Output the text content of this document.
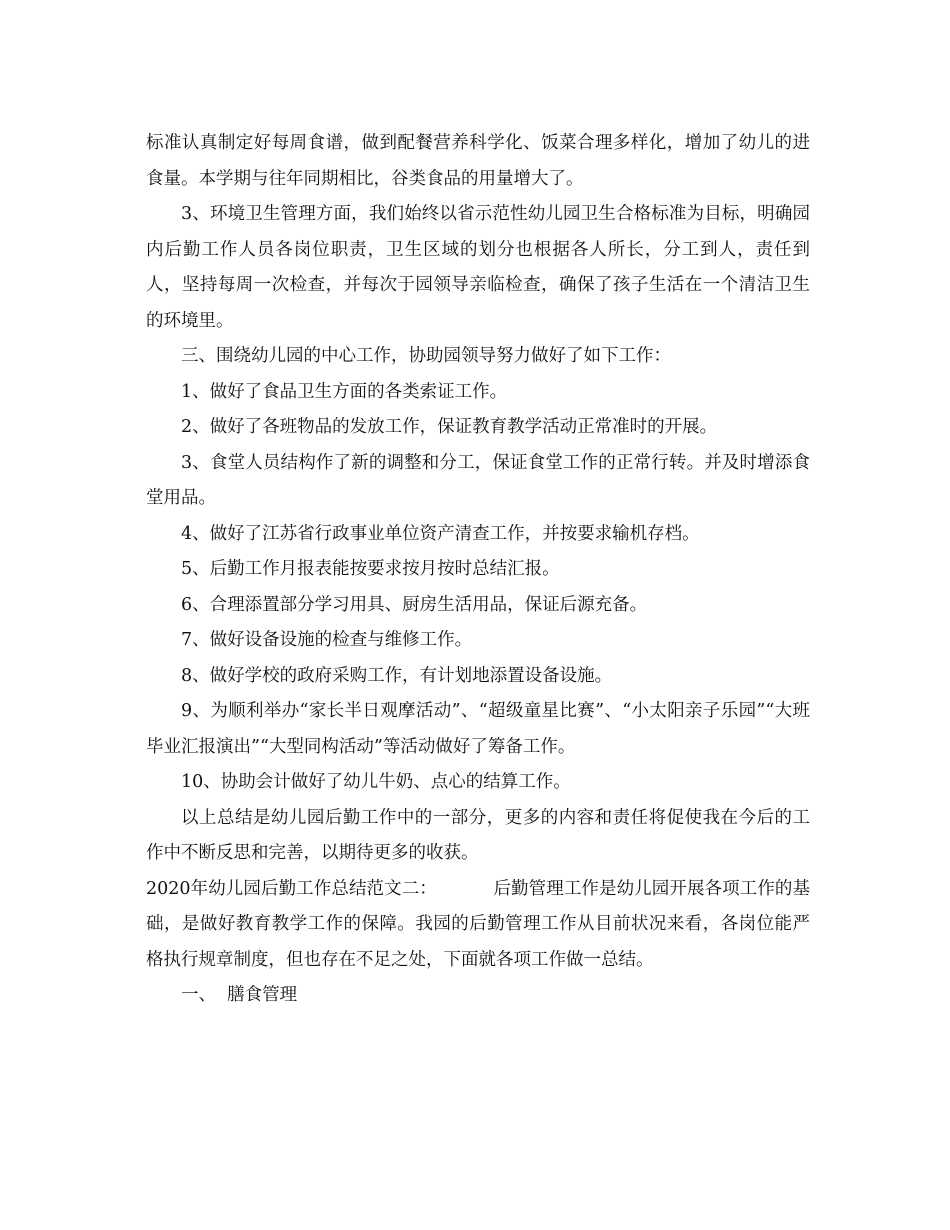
标准认真制定好每周食谱，做到配餐营养科学化、饭菜合理多样化，增加了幼儿的进食量。本学期与往年同期相比，谷类食品的用量增大了。

3、环境卫生管理方面，我们始终以省示范性幼儿园卫生合格标准为目标，明确园内后勤工作人员各岗位职责，卫生区域的划分也根据各人所长，分工到人，责任到人，坚持每周一次检查，并每次于园领导亲临检查，确保了孩子生活在一个清洁卫生的环境里。

三、围绕幼儿园的中心工作，协助园领导努力做好了如下工作：

1、做好了食品卫生方面的各类索证工作。

2、做好了各班物品的发放工作，保证教育教学活动正常准时的开展。

3、食堂人员结构作了新的调整和分工，保证食堂工作的正常行转。并及时增添食堂用品。

4、做好了江苏省行政事业单位资产清查工作，并按要求输机存档。

5、后勤工作月报表能按要求按月按时总结汇报。

6、合理添置部分学习用具、厨房生活用品，保证后源充备。

7、做好设备设施的检查与维修工作。

8、做好学校的政府采购工作，有计划地添置设备设施。

9、为顺利举办“家长半日观摩活动”、“超级童星比赛”、“小太阳亲子乐园”“大班毕业汇报演出”“大型同构活动”等活动做好了筹备工作。

10、协助会计做好了幼儿牛奶、点心的结算工作。

以上总结是幼儿园后勤工作中的一部分，更多的内容和责任将促使我在今后的工作中不断反思和完善，以期待更多的收获。

2020年幼儿园后勤工作总结范文二：	后勤管理工作是幼儿园开展各项工作的基础，是做好教育教学工作的保障。我园的后勤管理工作从目前状况来看，各岗位能严格执行规章制度，但也存在不足之处，下面就各项工作做一总结。

一、  膳食管理
